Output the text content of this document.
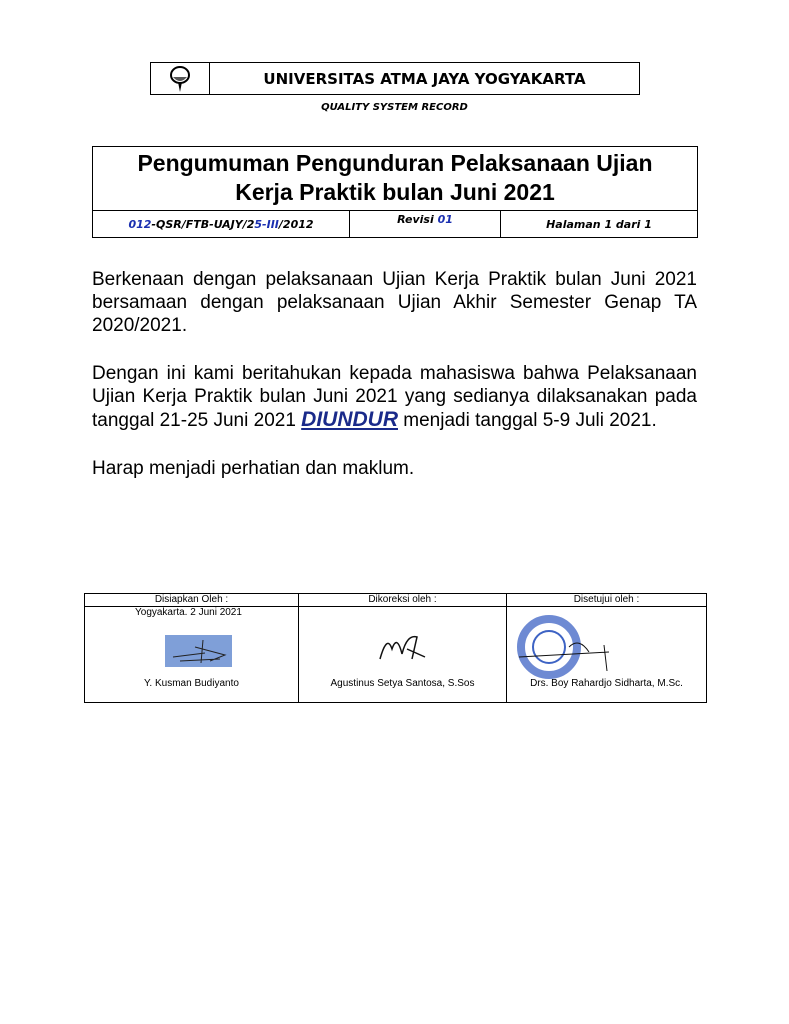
UNIVERSITAS ATMA JAYA YOGYAKARTA
QUALITY SYSTEM RECORD
Pengumuman Pengunduran Pelaksanaan Ujian
Kerja Praktik bulan Juni 2021
012 -QSR/FTB-UAJY/2 5-III /2012	Revisi 01	Halaman 1 dari 1

Berkenaan dengan pelaksanaan Ujian Kerja Praktik bulan Juni 2021 bersamaan dengan pelaksanaan Ujian Akhir Semester Genap TA 2020/2021.

Dengan ini kami beritahukan kepada mahasiswa bahwa Pelaksanaan Ujian Kerja Praktik bulan Juni 2021 yang sedianya dilaksanakan pada tanggal 21-25 Juni 2021 DIUNDUR menjadi tanggal 5-9 Juli 2021.

Harap menjadi perhatian dan maklum.

Disiapkan Oleh :
Yogyakarta. 2 Juni 2021
Y. Kusman Budiyanto
Dikoreksi oleh :
Agustinus Setya Santosa, S.Sos
Disetujui oleh :
Drs. Boy Rahardjo Sidharta, M.Sc.
